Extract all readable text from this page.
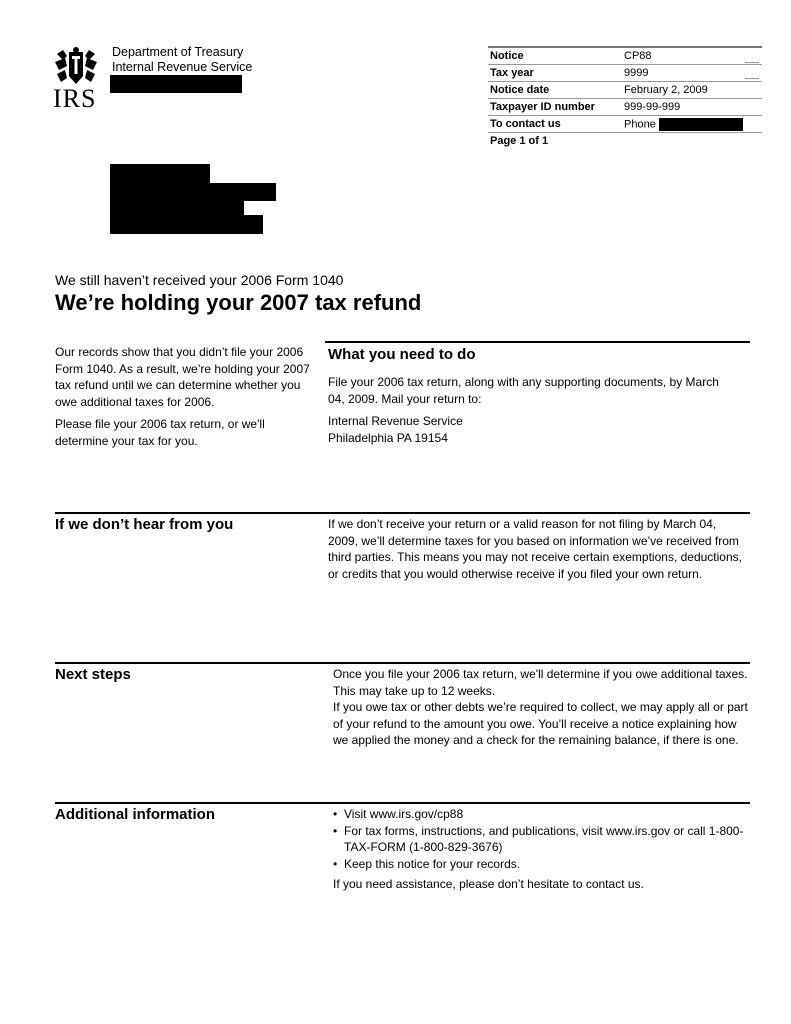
IRS
Department of Treasury
Internal Revenue Service
Notice	CP88
Tax year	9999
Notice date	February 2, 2009
Taxpayer ID number	999-99-999
To contact us	Phone
Page 1 of 1	
We still haven’t received your 2006 Form 1040
We’re holding your 2007 tax refund

Our records show that you didn’t file your 2006 Form 1040. As a result, we’re holding your 2007 tax refund until we can determine whether you owe additional taxes for 2006.

Please file your 2006 tax return, or we'll determine your tax for you.

What you need to do

File your 2006 tax return, along with any supporting documents, by March 04, 2009. Mail your return to:

Internal Revenue Service
Philadelphia PA 19154
If we don’t hear from you	If we don’t receive your return or a valid reason for not filing by March 04, 2009, we’ll determine taxes for you based on information we’ve received from third parties. This means you may not receive certain exemptions, deductions, or credits that you would otherwise receive if you filed your own return.
Next steps	Once you file your 2006 tax return, we'll determine if you owe additional taxes. This may take up to 12 weeks.
If you owe tax or other debts we’re required to collect, we may apply all or part of your refund to the amount you owe. You’ll receive a notice explaining how we applied the money and a check for the remaining balance, if there is one.
Additional information	• Visit www.irs.gov/cp88
• For tax forms, instructions, and publications, visit www.irs.gov or call 1-800-TAX-FORM (1-800-829-3676)
• Keep this notice for your records.
If you need assistance, please don’t hesitate to contact us.
